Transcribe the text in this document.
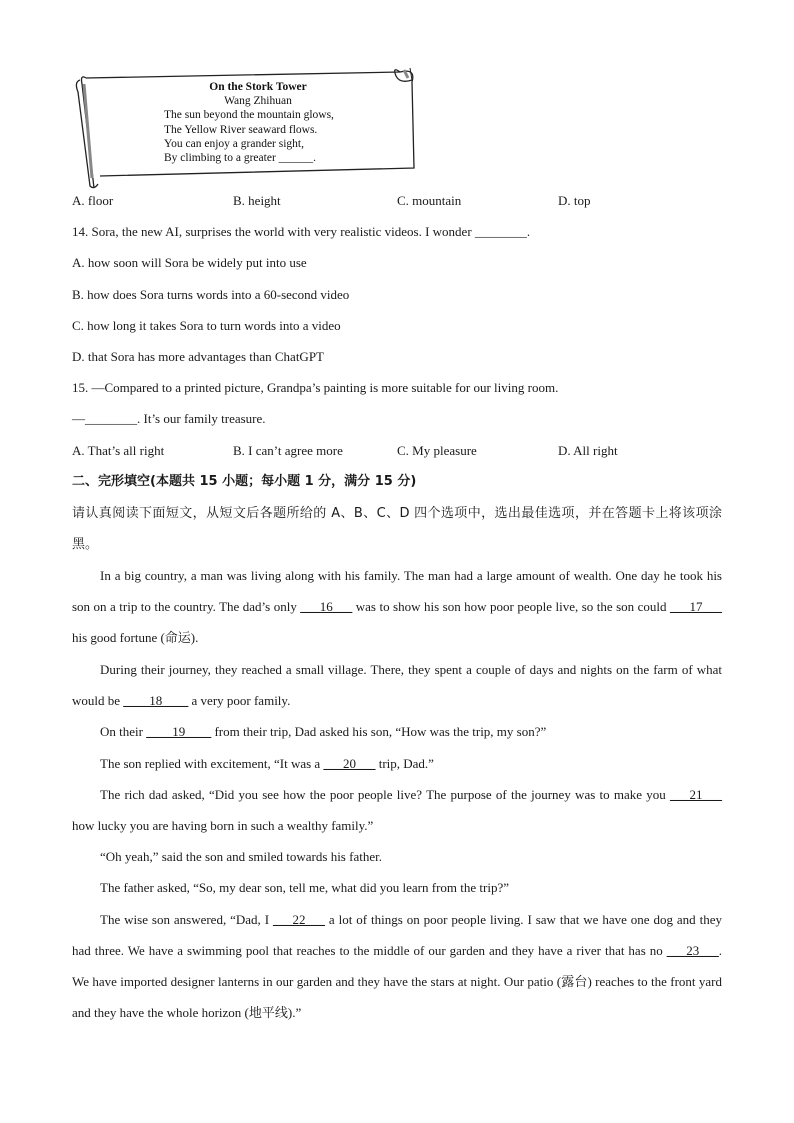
On the Stork Tower
Wang Zhihuan
The sun beyond the mountain glows,
The Yellow River seaward flows.
You can enjoy a grander sight,
By climbing to a greater ______.
A. floor	B. height	C. mountain	D. top
14. Sora, the new AI, surprises the world with very realistic videos. I wonder ________.
A. how soon will Sora be widely put into use
B. how does Sora turns words into a 60-second video
C. how long it takes Sora to turn words into a video
D. that Sora has more advantages than ChatGPT
15. —Compared to a printed picture, Grandpa’s painting is more suitable for our living room.
—________. It’s our family treasure.
A. That’s all right	B. I can’t agree more	C. My pleasure	D. All right
二、完形填空(本题共 15 小题；每小题 1 分，满分 15 分)
请认真阅读下面短文，从短文后各题所给的 A、B、C、D 四个选项中，选出最佳选项，并在答题卡上将该项涂黑。
In a big country, a man was living along with his family. The man had a large amount of wealth. One day he took his son on a trip to the country. The dad’s only ___16___ was to show his son how poor people live, so the son could ___17___ his good fortune (命运).
During their journey, they reached a small village. There, they spent a couple of days and nights on the farm of what would be ____18____ a very poor family.
On their ____19____ from their trip, Dad asked his son, “How was the trip, my son?”
The son replied with excitement, “It was a ___20___ trip, Dad.”
The rich dad asked, “Did you see how the poor people live? The purpose of the journey was to make you ___21___ how lucky you are having born in such a wealthy family.”
“Oh yeah,” said the son and smiled towards his father.
The father asked, “So, my dear son, tell me, what did you learn from the trip?”
The wise son answered, “Dad, I ___22___ a lot of things on poor people living. I saw that we have one dog and they had three. We have a swimming pool that reaches to the middle of our garden and they have a river that has no ___23___. We have imported designer lanterns in our garden and they have the stars at night. Our patio (露台) reaches to the front yard and they have the whole horizon (地平线).”
